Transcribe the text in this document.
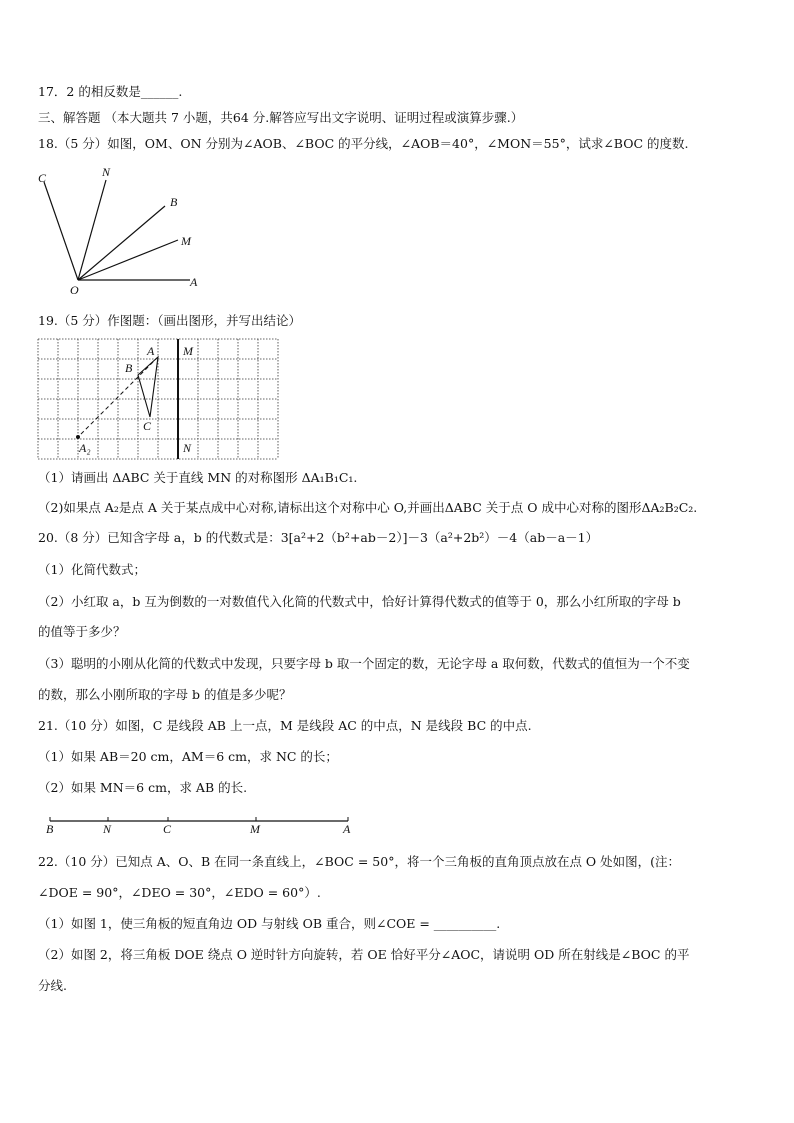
17．2 的相反数是______.
三、解答题 （本大题共 7 小题，共64 分.解答应写出文字说明、证明过程或演算步骤.）
18.（5 分）如图，OM、ON 分别为∠AOB、∠BOC 的平分线，∠AOB＝40°，∠MON＝55°，试求∠BOC 的度数.
C	N
B
M
A
O
19.（5 分）作图题：（画出图形，并写出结论）
A
B
C
M
N
A₂
（1）请画出 ΔABC 关于直线 MN 的对称图形 ΔA₁B₁C₁.
（2)如果点 A₂是点 A 关于某点成中心对称,请标出这个对称中心 O,并画出ΔABC 关于点 O 成中心对称的图形ΔA₂B₂C₂.
20.（8 分）已知含字母 a，b 的代数式是：3[a²+2（b²+ab－2）]－3（a²+2b²）－4（ab－a－1）
（1）化简代数式；
（2）小红取 a，b 互为倒数的一对数值代入化简的代数式中，恰好计算得代数式的值等于 0，那么小红所取的字母 b
的值等于多少？
（3）聪明的小刚从化简的代数式中发现，只要字母 b 取一个固定的数，无论字母 a 取何数，代数式的值恒为一个不变
的数，那么小刚所取的字母 b 的值是多少呢？
21.（10 分）如图，C 是线段 AB 上一点，M 是线段 AC 的中点，N 是线段 BC 的中点.
（1）如果 AB＝20 cm，AM＝6 cm，求 NC 的长；
（2）如果 MN＝6 cm，求 AB 的长.
B	N	C	M	A
22.（10 分）已知点 A、O、B 在同一条直线上，∠BOC = 50°，将一个三角板的直角顶点放在点 O 处如图，(注：
∠DOE = 90°，∠DEO = 30°，∠EDO = 60°）.
（1）如图 1，使三角板的短直角边 OD 与射线 OB 重合，则∠COE = __________.
（2）如图 2，将三角板 DOE 绕点 O 逆时针方向旋转，若 OE 恰好平分∠AOC，请说明 OD 所在射线是∠BOC 的平
分线.
